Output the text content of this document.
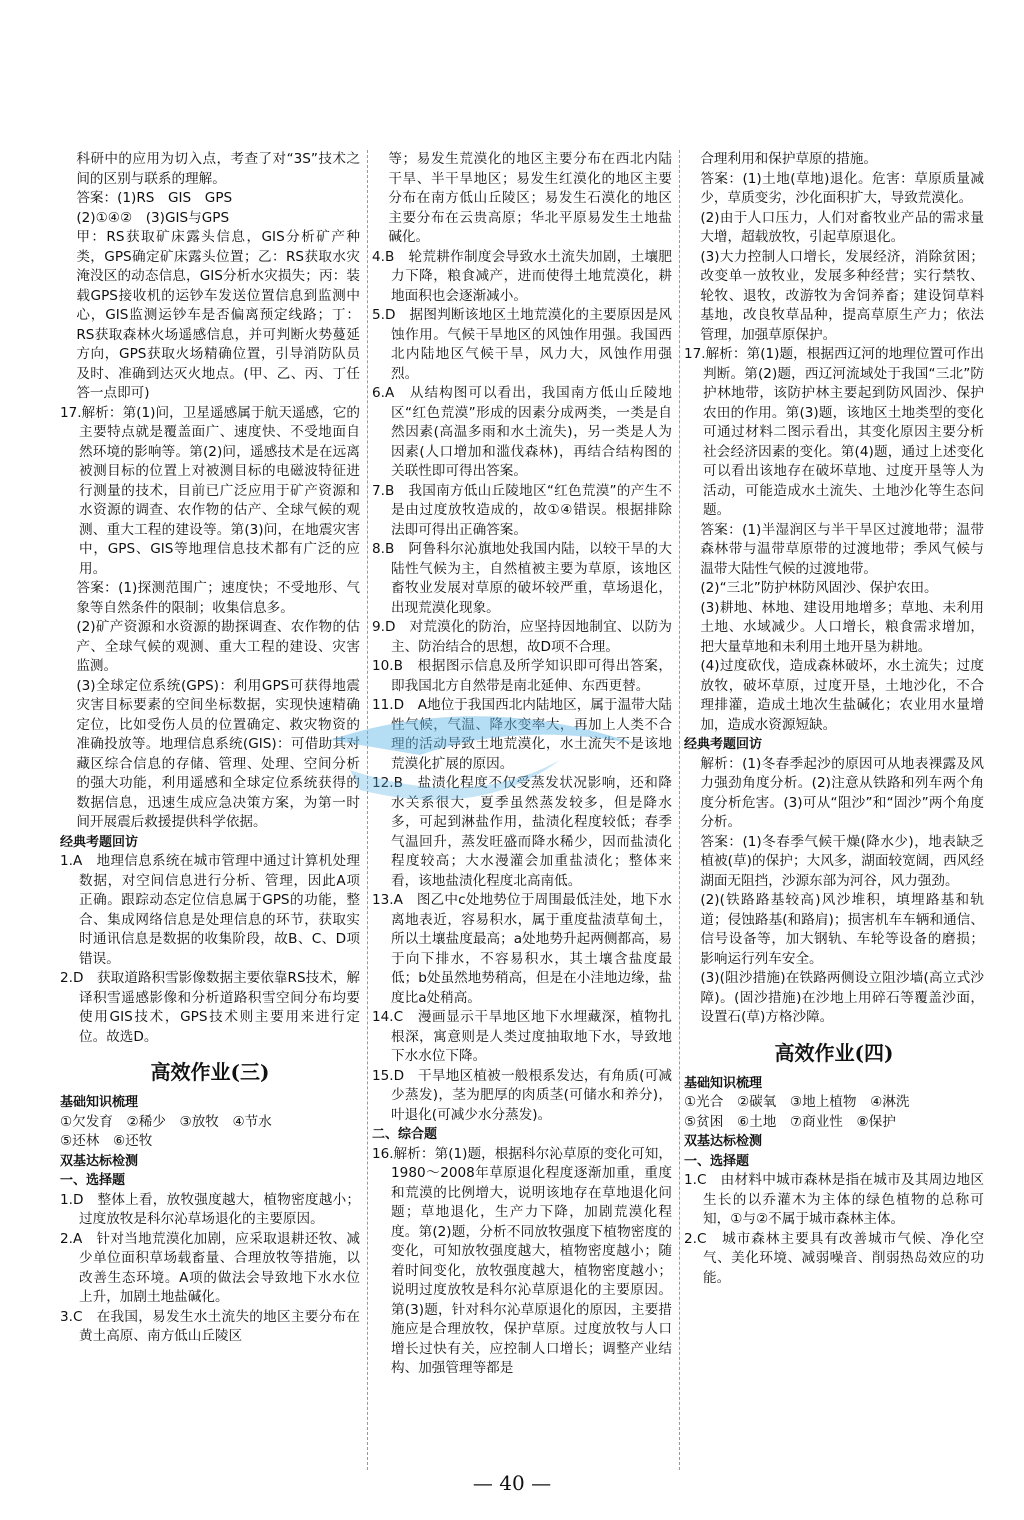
科研中的应用为切入点，考查了对“3S”技术之间的区别与联系的理解。

答案：(1)RS　GIS　GPS

(2)①④②　(3)GIS与GPS

甲：RS获取矿床露头信息，GIS分析矿产种类，GPS确定矿床露头位置；乙：RS获取水灾淹没区的动态信息，GIS分析水灾损失；丙：装载GPS接收机的运钞车发送位置信息到监测中心，GIS监测运钞车是否偏离预定线路；丁：RS获取森林火场遥感信息，并可判断火势蔓延方向，GPS获取火场精确位置，引导消防队员及时、准确到达灭火地点。(甲、乙、丙、丁任答一点即可)

17.解析：第(1)问，卫星遥感属于航天遥感，它的主要特点就是覆盖面广、速度快、不受地面自然环境的影响等。第(2)问，遥感技术是在远离被测目标的位置上对被测目标的电磁波特征进行测量的技术，目前已广泛应用于矿产资源和水资源的调查、农作物的估产、全球气候的观测、重大工程的建设等。第(3)问，在地震灾害中，GPS、GIS等地理信息技术都有广泛的应用。

答案：(1)探测范围广；速度快；不受地形、气象等自然条件的限制；收集信息多。

(2)矿产资源和水资源的勘探调查、农作物的估产、全球气候的观测、重大工程的建设、灾害监测。

(3)全球定位系统(GPS)：利用GPS可获得地震灾害目标要素的空间坐标数据，实现快速精确定位，比如受伤人员的位置确定、救灾物资的准确投放等。地理信息系统(GIS)：可借助其对藏区综合信息的存储、管理、处理、空间分析的强大功能，利用遥感和全球定位系统获得的数据信息，迅速生成应急决策方案，为第一时间开展震后救援提供科学依据。

经典考题回访

1.A　地理信息系统在城市管理中通过计算机处理数据，对空间信息进行分析、管理，因此A项正确。跟踪动态定位信息属于GPS的功能，整合、集成网络信息是处理信息的环节，获取实时通讯信息是数据的收集阶段，故B、C、D项错误。

2.D　获取道路积雪影像数据主要依靠RS技术，解译积雪遥感影像和分析道路积雪空间分布均要使用GIS技术，GPS技术则主要用来进行定位。故选D。

高效作业(三)

基础知识梳理

①欠发育　②稀少　③放牧　④节水

⑤还林　⑥还牧

双基达标检测

一、选择题

1.D　整体上看，放牧强度越大，植物密度越小；过度放牧是科尔沁草场退化的主要原因。

2.A　针对当地荒漠化加剧，应采取退耕还牧、减少单位面积草场载畜量、合理放牧等措施，以改善生态环境。A项的做法会导致地下水水位上升，加剧土地盐碱化。

3.C　在我国，易发生水土流失的地区主要分布在黄土高原、南方低山丘陵区

等；易发生荒漠化的地区主要分布在西北内陆干旱、半干旱地区；易发生红漠化的地区主要分布在南方低山丘陵区；易发生石漠化的地区主要分布在云贵高原；华北平原易发生土地盐碱化。

4.B　轮荒耕作制度会导致水土流失加剧，土壤肥力下降，粮食减产，进而使得土地荒漠化，耕地面积也会逐渐减小。

5.D　据图判断该地区土地荒漠化的主要原因是风蚀作用。气候干旱地区的风蚀作用强。我国西北内陆地区气候干旱，风力大，风蚀作用强烈。

6.A　从结构图可以看出，我国南方低山丘陵地区“红色荒漠”形成的因素分成两类，一类是自然因素(高温多雨和水土流失)，另一类是人为因素(人口增加和滥伐森林)，再结合结构图的关联性即可得出答案。

7.B　我国南方低山丘陵地区“红色荒漠”的产生不是由过度放牧造成的，故①④错误。根据排除法即可得出正确答案。

8.B　阿鲁科尔沁旗地处我国内陆，以较干旱的大陆性气候为主，自然植被主要为草原，该地区畜牧业发展对草原的破坏较严重，草场退化，出现荒漠化现象。

9.D　对荒漠化的防治，应坚持因地制宜、以防为主、防治结合的思想，故D项不合理。

10.B　根据图示信息及所学知识即可得出答案，即我国北方自然带是南北延伸、东西更替。

11.D　A地位于我国西北内陆地区，属于温带大陆性气候，气温、降水变率大，再加上人类不合理的活动导致土地荒漠化，水土流失不是该地荒漠化扩展的原因。

12.B　盐渍化程度不仅受蒸发状况影响，还和降水关系很大，夏季虽然蒸发较多，但是降水多，可起到淋盐作用，盐渍化程度较低；春季气温回升，蒸发旺盛而降水稀少，因而盐渍化程度较高；大水漫灌会加重盐渍化；整体来看，该地盐渍化程度北高南低。

13.A　图乙中c处地势位于周围最低洼处，地下水离地表近，容易积水，属于重度盐渍草甸土，所以土壤盐度最高；a处地势升起两侧都高，易于向下排水，不容易积水，其土壤含盐度最低；b处虽然地势稍高，但是在小洼地边缘，盐度比a处稍高。

14.C　漫画显示干旱地区地下水埋藏深，植物扎根深，寓意则是人类过度抽取地下水，导致地下水水位下降。

15.D　干旱地区植被一般根系发达，有角质(可减少蒸发)，茎为肥厚的肉质茎(可储水和养分)，叶退化(可减少水分蒸发)。

二、综合题

16.解析：第(1)题，根据科尔沁草原的变化可知，1980～2008年草原退化程度逐渐加重，重度和荒漠的比例增大，说明该地存在草地退化问题；草地退化，生产力下降，加剧荒漠化程度。第(2)题，分析不同放牧强度下植物密度的变化，可知放牧强度越大，植物密度越小；随着时间变化，放牧强度越大，植物密度越小；说明过度放牧是科尔沁草原退化的主要原因。第(3)题，针对科尔沁草原退化的原因，主要措施应是合理放牧，保护草原。过度放牧与人口增长过快有关，应控制人口增长；调整产业结构、加强管理等都是

合理利用和保护草原的措施。

答案：(1)土地(草地)退化。危害：草原质量减少，草质变劣，沙化面积扩大，导致荒漠化。

(2)由于人口压力，人们对畜牧业产品的需求量大增，超载放牧，引起草原退化。

(3)大力控制人口增长，发展经济，消除贫困；改变单一放牧业，发展多种经营；实行禁牧、轮牧、退牧，改游牧为舍饲养畜；建设饲草料基地，改良牧草品种，提高草原生产力；依法管理，加强草原保护。

17.解析：第(1)题，根据西辽河的地理位置可作出判断。第(2)题，西辽河流域处于我国“三北”防护林地带，该防护林主要起到防风固沙、保护农田的作用。第(3)题，该地区土地类型的变化可通过材料二图示看出，其变化原因主要分析社会经济因素的变化。第(4)题，通过上述变化可以看出该地存在破坏草地、过度开垦等人为活动，可能造成水土流失、土地沙化等生态问题。

答案：(1)半湿润区与半干旱区过渡地带；温带森林带与温带草原带的过渡地带；季风气候与温带大陆性气候的过渡地带。

(2)“三北”防护林防风固沙、保护农田。

(3)耕地、林地、建设用地增多；草地、未利用土地、水域减少。人口增长，粮食需求增加，把大量草地和未利用土地开垦为耕地。

(4)过度砍伐，造成森林破坏，水土流失；过度放牧，破坏草原，过度开垦，土地沙化，不合理排灌，造成土地次生盐碱化；农业用水量增加，造成水资源短缺。

经典考题回访

解析：(1)冬春季起沙的原因可从地表裸露及风力强劲角度分析。(2)注意从铁路和列车两个角度分析危害。(3)可从“阻沙”和“固沙”两个角度分析。

答案：(1)冬春季气候干燥(降水少)，地表缺乏植被(草)的保护；大风多，湖面较宽阔，西风经湖面无阻挡，沙源东部为河谷，风力强劲。

(2)(铁路路基较高)风沙堆积，填埋路基和轨道；侵蚀路基(和路肩)；损害机车车辆和通信、信号设备等，加大钢轨、车轮等设备的磨损；影响运行列车安全。

(3)(阻沙措施)在铁路两侧设立阻沙墙(高立式沙障)。(固沙措施)在沙地上用碎石等覆盖沙面，设置石(草)方格沙障。

高效作业(四)

基础知识梳理

①光合　②碳氧　③地上植物　④淋洗

⑤贫困　⑥土地　⑦商业性　⑧保护

双基达标检测

一、选择题

1.C　由材料中城市森林是指在城市及其周边地区生长的以乔灌木为主体的绿色植物的总称可知，①与②不属于城市森林主体。

2.C　城市森林主要具有改善城市气候、净化空气、美化环境、减弱噪音、削弱热岛效应的功能。

— 40 —
